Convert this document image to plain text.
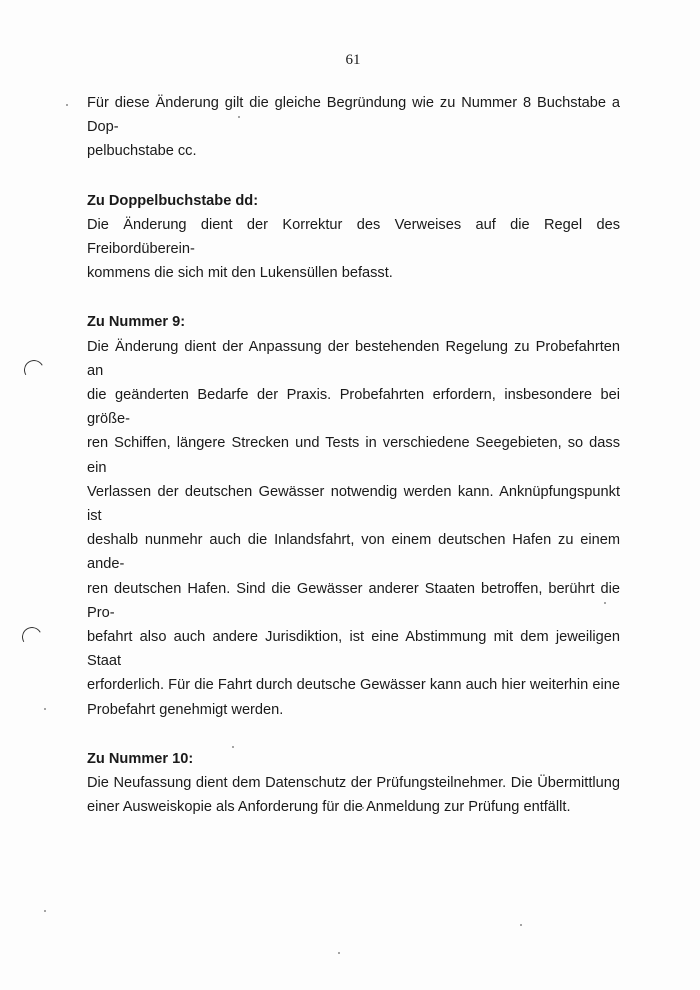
61

Für diese Änderung gilt die gleiche Begründung wie zu Nummer 8 Buchstabe a Dop-
pelbuchstabe cc.

Zu Doppelbuchstabe dd:

Die Änderung dient der Korrektur des Verweises auf die Regel des Freibordüberein-
kommens die sich mit den Lukensüllen befasst.

Zu Nummer 9:

Die Änderung dient der Anpassung der bestehenden Regelung zu Probefahrten an
die geänderten Bedarfe der Praxis. Probefahrten erfordern, insbesondere bei größe-
ren Schiffen, längere Strecken und Tests in verschiedene Seegebieten, so dass ein
Verlassen der deutschen Gewässer notwendig werden kann. Anknüpfungspunkt ist
deshalb nunmehr auch die Inlandsfahrt, von einem deutschen Hafen zu einem ande-
ren deutschen Hafen. Sind die Gewässer anderer Staaten betroffen, berührt die Pro-
befahrt also auch andere Jurisdiktion, ist eine Abstimmung mit dem jeweiligen Staat
erforderlich. Für die Fahrt durch deutsche Gewässer kann auch hier weiterhin eine
Probefahrt genehmigt werden.

Zu Nummer 10:

Die Neufassung dient dem Datenschutz der Prüfungsteilnehmer. Die Übermittlung
einer Ausweiskopie als Anforderung für die Anmeldung zur Prüfung entfällt.
